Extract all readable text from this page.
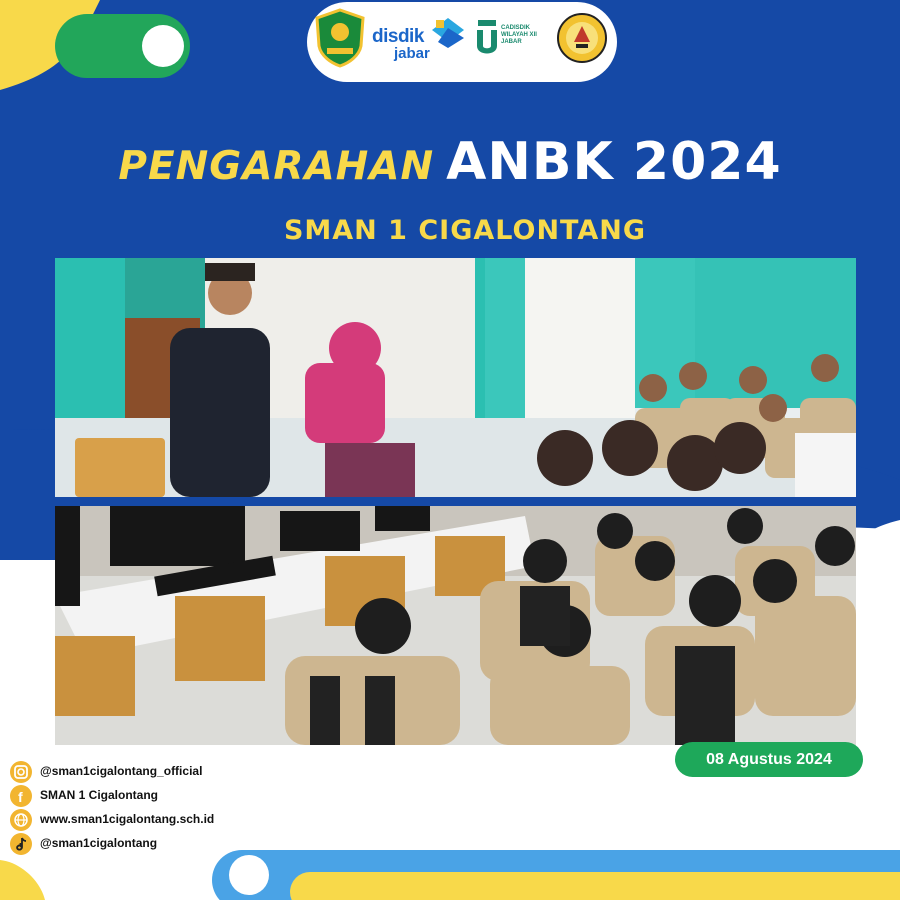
disdik
jabar
CADISDIK WILAYAH XII JABAR
PENGARAHAN ANBK 2024
SMAN 1 CIGALONTANG
08 Agustus 2024
@sman1cigalontang_official
f SMAN 1 Cigalontang
www.sman1cigalontang.sch.id
@sman1cigalontang
